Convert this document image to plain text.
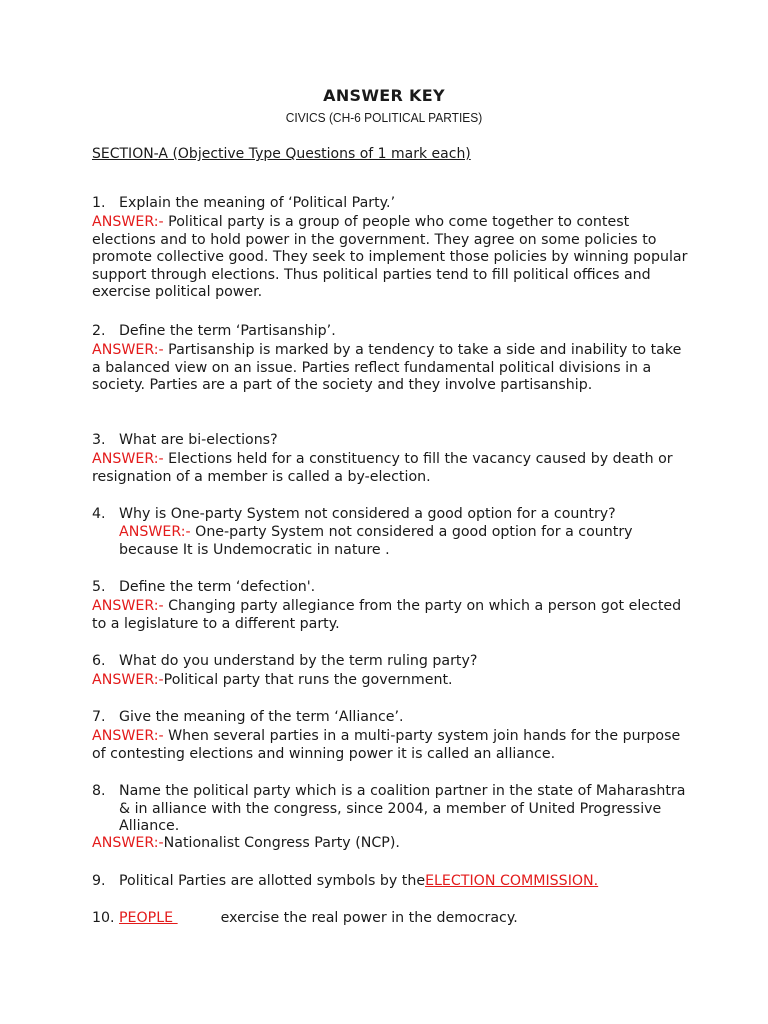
ANSWER KEY
CIVICS (CH-6 POLITICAL PARTIES)
SECTION-A (Objective Type Questions of 1 mark each)
1. Explain the meaning of ‘Political Party.’
ANSWER:- Political party is a group of people who come together to contest elections and to hold power in the government. They agree on some policies to promote collective good. They seek to implement those policies by winning popular support through elections. Thus political parties tend to fill political offices and exercise political power.
2. Define the term ‘Partisanship’.
ANSWER:- Partisanship is marked by a tendency to take a side and inability to take a balanced view on an issue. Parties reflect fundamental political divisions in a society. Parties are a part of the society and they involve partisanship.
3. What are bi-elections?
ANSWER:- Elections held for a constituency to fill the vacancy caused by death or resignation of a member is called a by-election.
4. Why is One-party System not considered a good option for a country?
ANSWER:- One-party System not considered a good option for a country because It is Undemocratic in nature .
5. Define the term ‘defection'.
ANSWER:- Changing party allegiance from the party on which a person got elected to a legislature to a different party.
6. What do you understand by the term ruling party?
ANSWER:-Political party that runs the government.
7. Give the meaning of the term ‘Alliance’.
ANSWER:- When several parties in a multi-party system join hands for the purpose of contesting elections and winning power it is called an alliance.
8. Name the political party which is a coalition partner in the state of Maharashtra & in alliance with the congress, since 2004, a member of United Progressive Alliance.
ANSWER:-Nationalist Congress Party (NCP).
9. Political Parties are allotted symbols by theELECTION COMMISSION.
10. PEOPLE	exercise the real power in the democracy.
